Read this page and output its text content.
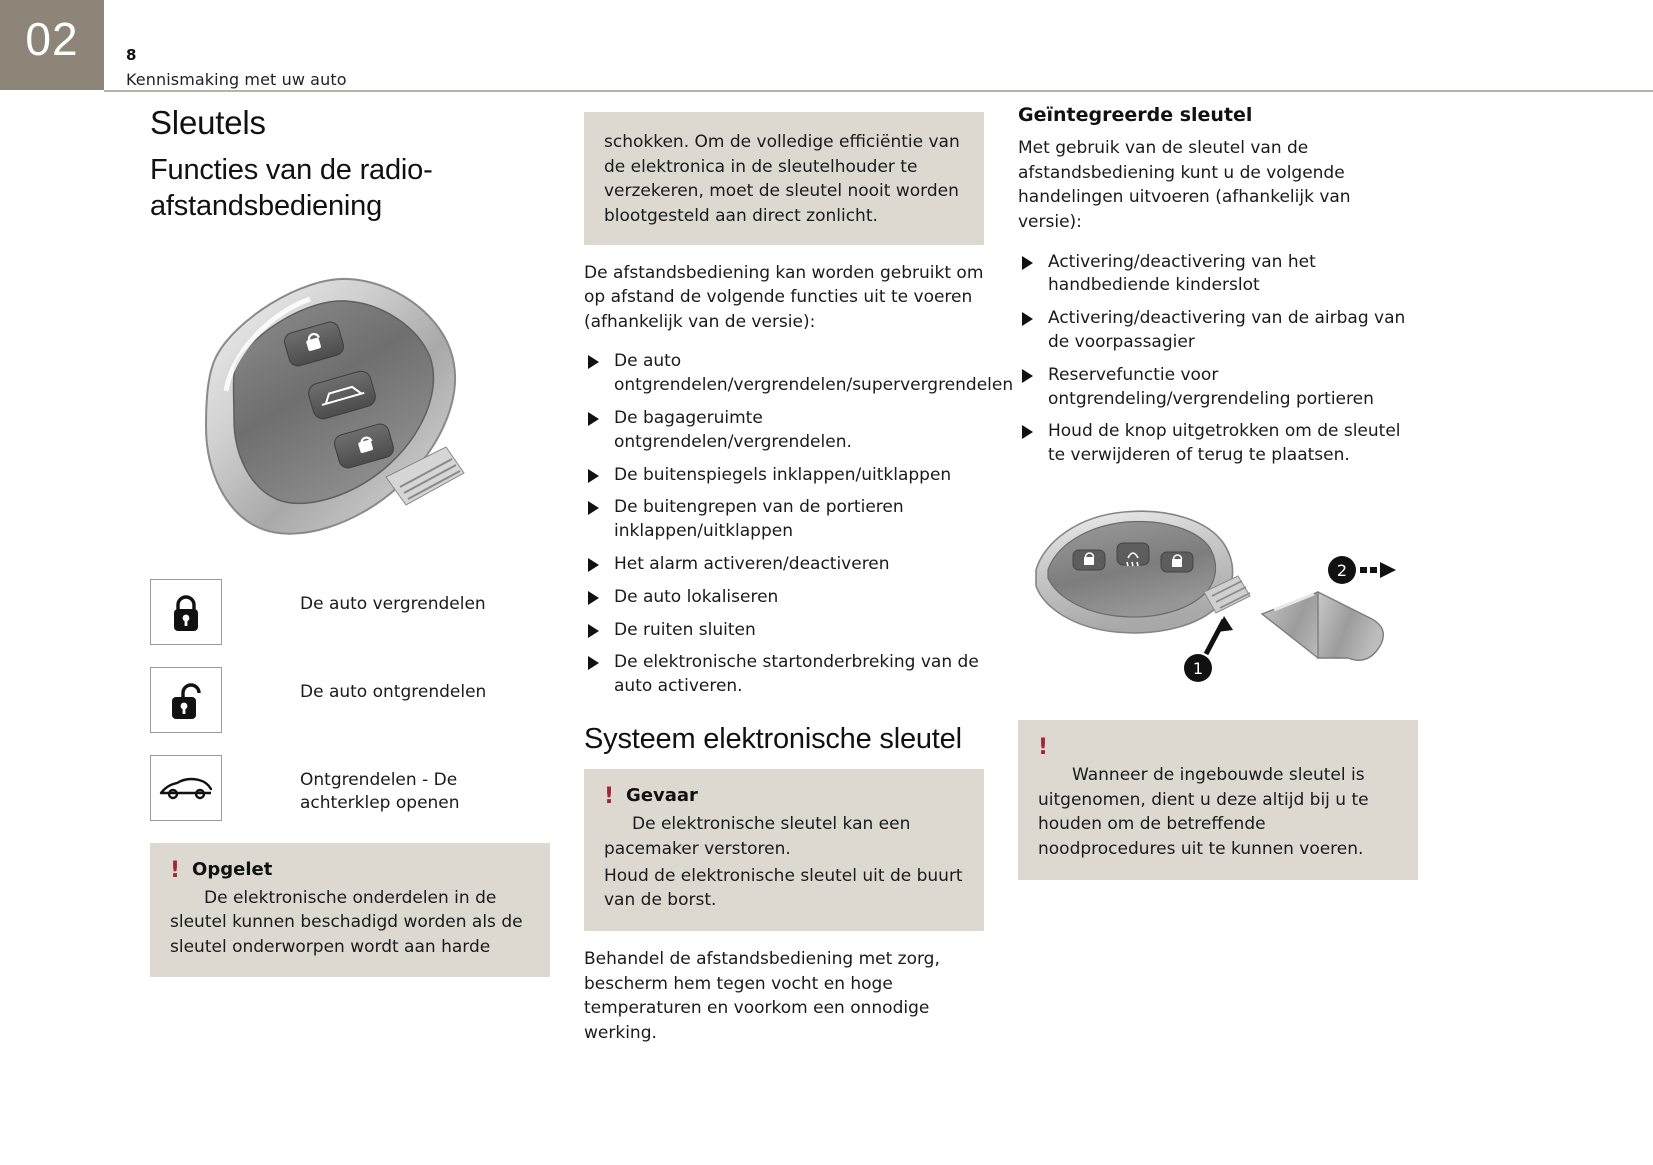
02	8
Kennismaking met uw auto
Sleutels
Functies van de radio-afstandsbediening
De auto vergrendelen
De auto ontgrendelen
Ontgrendelen - De achterklep openen
! Opgelet

De elektronische onderdelen in de sleutel kunnen beschadigd worden als de sleutel onderworpen wordt aan harde

schokken. Om de volledige efficiëntie van de elektronica in de sleutelhouder te verzekeren, moet de sleutel nooit worden blootgesteld aan direct zonlicht.

De afstandsbediening kan worden gebruikt om op afstand de volgende functies uit te voeren (afhankelijk van de versie):

De auto ontgrendelen/vergrendelen/supervergrendelen
De bagageruimte ontgrendelen/vergrendelen.
De buitenspiegels inklappen/uitklappen
De buitengrepen van de portieren inklappen/uitklappen
Het alarm activeren/deactiveren
De auto lokaliseren
De ruiten sluiten
De elektronische startonderbreking van de auto activeren.
Systeem elektronische sleutel
! Gevaar

De elektronische sleutel kan een pacemaker verstoren.

Houd de elektronische sleutel uit de buurt van de borst.

Behandel de afstandsbediening met zorg, bescherm hem tegen vocht en hoge temperaturen en voorkom een onnodige werking.

Geïntegreerde sleutel

Met gebruik van de sleutel van de afstandsbediening kunt u de volgende handelingen uitvoeren (afhankelijk van versie):

Activering/deactivering van het handbediende kinderslot
Activering/deactivering van de airbag van de voorpassagier
Reservefunctie voor ontgrendeling/vergrendeling portieren
Houd de knop uitgetrokken om de sleutel te verwijderen of terug te plaatsen.
1
2
!

Wanneer de ingebouwde sleutel is uitgenomen, dient u deze altijd bij u te houden om de betreffende noodprocedures uit te kunnen voeren.
